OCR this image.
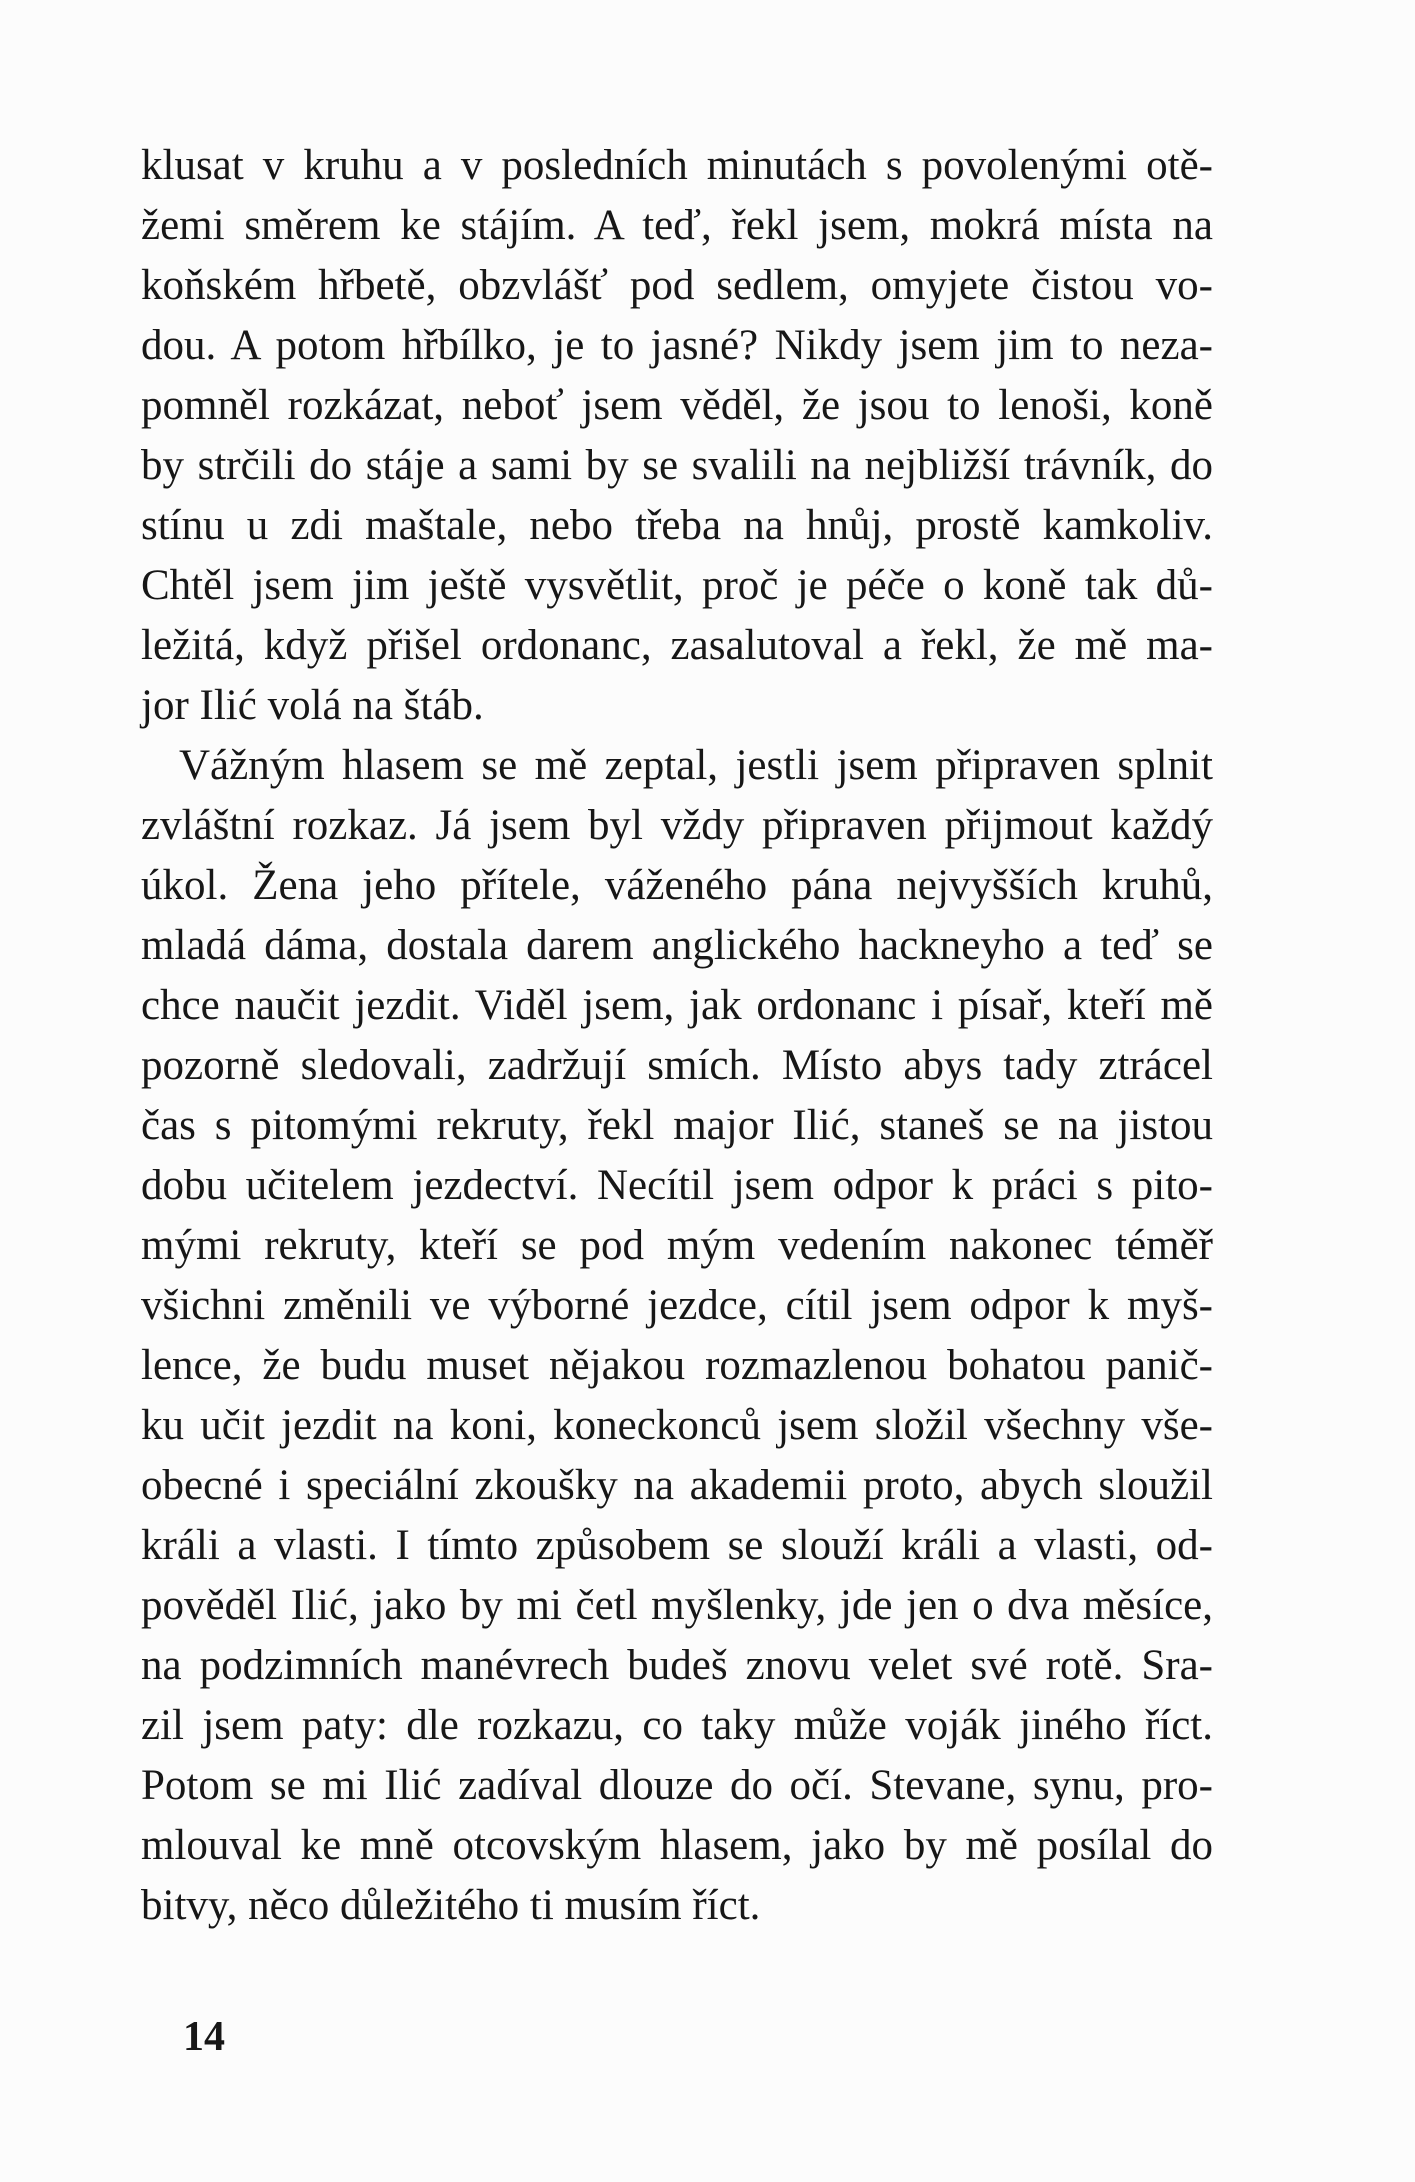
klusat v kruhu a v posledních minutách s povolenými otě-
žemi směrem ke stájím. A teď, řekl jsem, mokrá místa na
koňském hřbetě, obzvlášť pod sedlem, omyjete čistou vo-
dou. A potom hřbílko, je to jasné? Nikdy jsem jim to neza-
pomněl rozkázat, neboť jsem věděl, že jsou to lenoši, koně
by strčili do stáje a sami by se svalili na nejbližší trávník, do
stínu u zdi maštale, nebo třeba na hnůj, prostě kamkoliv.
Chtěl jsem jim ještě vysvětlit, proč je péče o koně tak dů-
ležitá, když přišel ordonanc, zasalutoval a řekl, že mě ma-
jor Ilić volá na štáb.
Vážným hlasem se mě zeptal, jestli jsem připraven splnit
zvláštní rozkaz. Já jsem byl vždy připraven přijmout každý
úkol. Žena jeho přítele, váženého pána nejvyšších kruhů,
mladá dáma, dostala darem anglického hackneyho a teď se
chce naučit jezdit. Viděl jsem, jak ordonanc i písař, kteří mě
pozorně sledovali, zadržují smích. Místo abys tady ztrácel
čas s pitomými rekruty, řekl major Ilić, staneš se na jistou
dobu učitelem jezdectví. Necítil jsem odpor k práci s pito-
mými rekruty, kteří se pod mým vedením nakonec téměř
všichni změnili ve výborné jezdce, cítil jsem odpor k myš-
lence, že budu muset nějakou rozmazlenou bohatou panič-
ku učit jezdit na koni, koneckonců jsem složil všechny vše-
obecné i speciální zkoušky na akademii proto, abych sloužil
králi a vlasti. I tímto způsobem se slouží králi a vlasti, od-
pověděl Ilić, jako by mi četl myšlenky, jde jen o dva měsíce,
na podzimních manévrech budeš znovu velet své rotě. Sra-
zil jsem paty: dle rozkazu, co taky může voják jiného říct.
Potom se mi Ilić zadíval dlouze do očí. Stevane, synu, pro-
mlouval ke mně otcovským hlasem, jako by mě posílal do
bitvy, něco důležitého ti musím říct.
14
